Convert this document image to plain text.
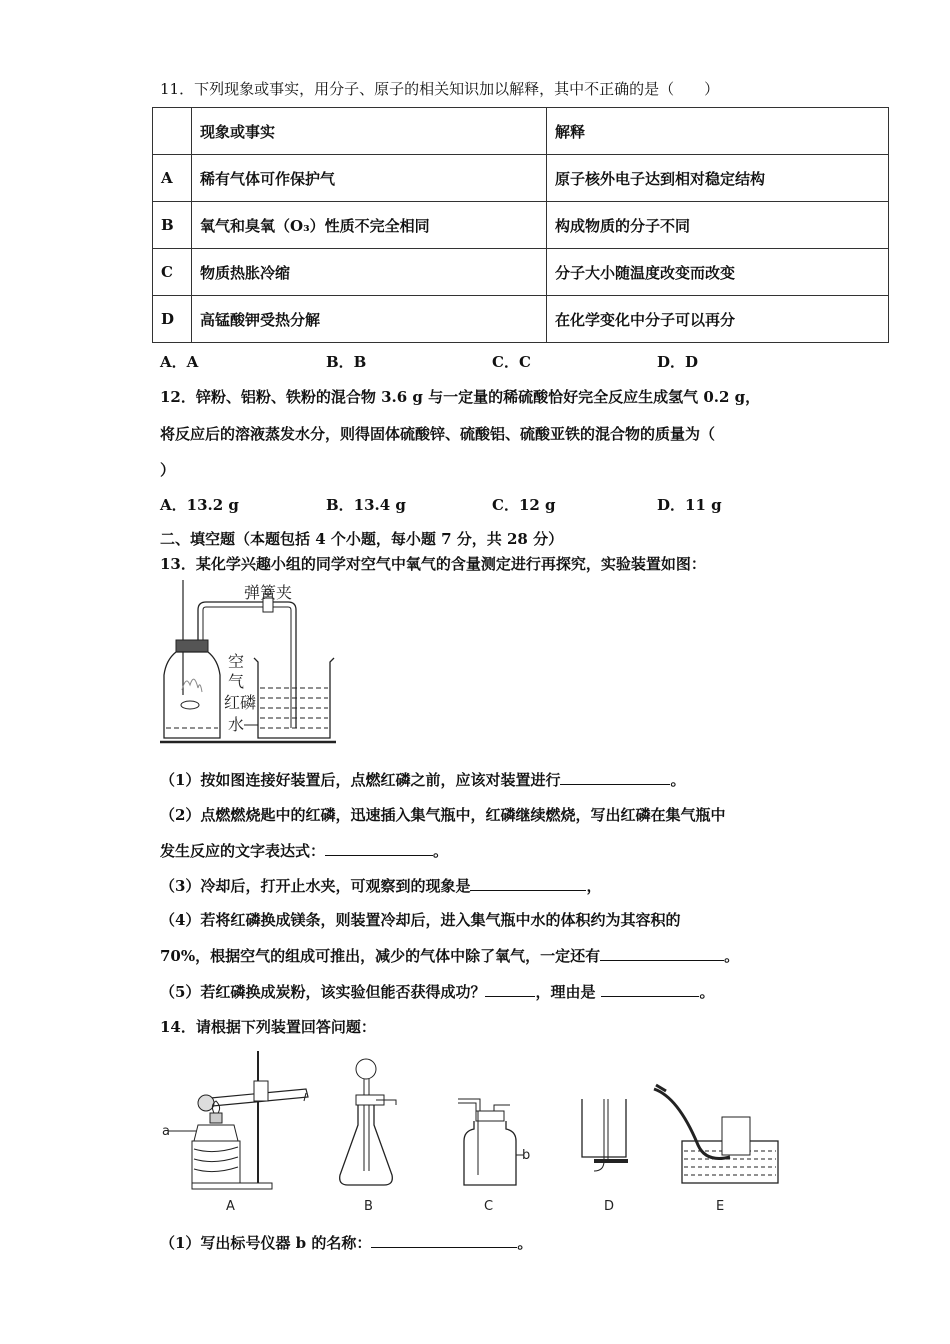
11．下列现象或事实，用分子、原子的相关知识加以解释，其中不正确的是（　　）
	现象或事实	解释
A	稀有气体可作保护气	原子核外电子达到相对稳定结构
B	氧气和臭氧（O₃）性质不完全相同	构成物质的分子不同
C	物质热胀冷缩	分子大小随温度改变而改变
D	高锰酸钾受热分解	在化学变化中分子可以再分
A．A	B．B	C．C	D．D
12．锌粉、铝粉、铁粉的混合物 3.6 g 与一定量的稀硫酸恰好完全反应生成氢气 0.2 g，
将反应后的溶液蒸发水分，则得固体硫酸锌、硫酸铝、硫酸亚铁的混合物的质量为（
）
A．13.2 g	B．13.4 g	C．12 g	D．11 g
二、填空题（本题包括 4 个小题，每小题 7 分，共 28 分）
13．某化学兴趣小组的同学对空气中氧气的含量测定进行再探究，实验装置如图：
弹簧夹
空
气
红磷
水
（1）按如图连接好装置后，点燃红磷之前，应该对装置进行	。
（2）点燃燃烧匙中的红磷，迅速插入集气瓶中，红磷继续燃烧，写出红磷在集气瓶中
发生反应的文字表达式：	。
（3）冷却后，打开止水夹，可观察到的现象是	，
（4）若将红磷换成镁条，则装置冷却后，进入集气瓶中水的体积约为其容积的
70%，根据空气的组成可推出，减少的气体中除了氧气，一定还有	。
（5）若红磷换成炭粉，该实验但能否获得成功？	，理由是	。
14．请根据下列装置回答问题：
a
b
A	B	C	D	E
（1）写出标号仪器 b 的名称：	。
